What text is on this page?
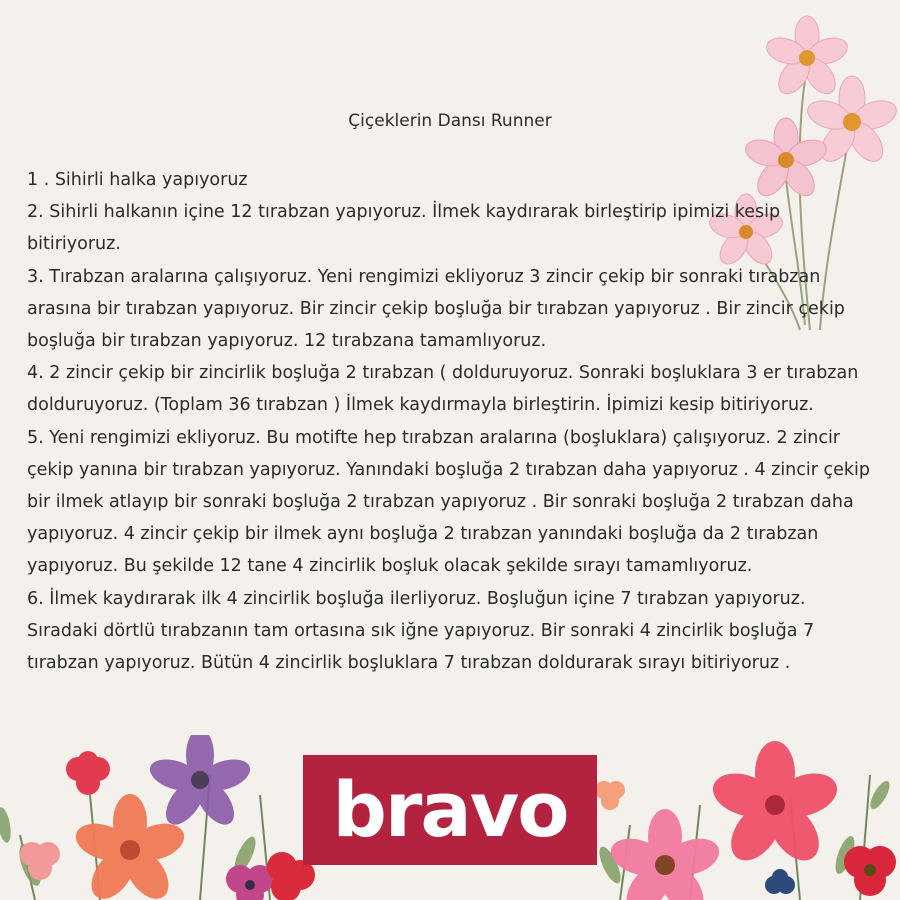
Çiçeklerin Dansı Runner

1 . Sihirli halka yapıyoruz

2. Sihirli halkanın içine 12 tırabzan yapıyoruz. İlmek kaydırarak birleştirip ipimizi kesip bitiriyoruz.

3. Tırabzan aralarına çalışıyoruz. Yeni rengimizi ekliyoruz 3 zincir çekip bir sonraki tırabzan arasına bir tırabzan yapıyoruz. Bir zincir çekip boşluğa bir tırabzan yapıyoruz . Bir zincir çekip boşluğa bir tırabzan yapıyoruz. 12 tırabzana tamamlıyoruz.

4. 2 zincir çekip bir zincirlik boşluğa 2 tırabzan ( dolduruyoruz. Sonraki boşluklara 3 er tırabzan dolduruyoruz. (Toplam 36 tırabzan ) İlmek kaydırmayla birleştirin. İpimizi kesip bitiriyoruz.

5. Yeni rengimizi ekliyoruz. Bu motifte hep tırabzan aralarına (boşluklara) çalışıyoruz. 2 zincir çekip yanına bir tırabzan yapıyoruz. Yanındaki boşluğa 2 tırabzan daha yapıyoruz . 4 zincir çekip bir ilmek atlayıp bir sonraki boşluğa 2 tırabzan yapıyoruz . Bir sonraki boşluğa 2 tırabzan daha yapıyoruz. 4 zincir çekip bir ilmek aynı boşluğa 2 tırabzan yanındaki boşluğa da 2 tırabzan yapıyoruz. Bu şekilde 12 tane 4 zincirlik boşluk olacak şekilde sırayı tamamlıyoruz.

6. İlmek kaydırarak ilk 4 zincirlik boşluğa ilerliyoruz. Boşluğun içine 7 tırabzan yapıyoruz. Sıradaki dörtlü tırabzanın tam ortasına sık iğne yapıyoruz. Bir sonraki 4 zincirlik boşluğa 7 tırabzan yapıyoruz. Bütün 4 zincirlik boşluklara 7 tırabzan doldurarak sırayı bitiriyoruz .

bravo
